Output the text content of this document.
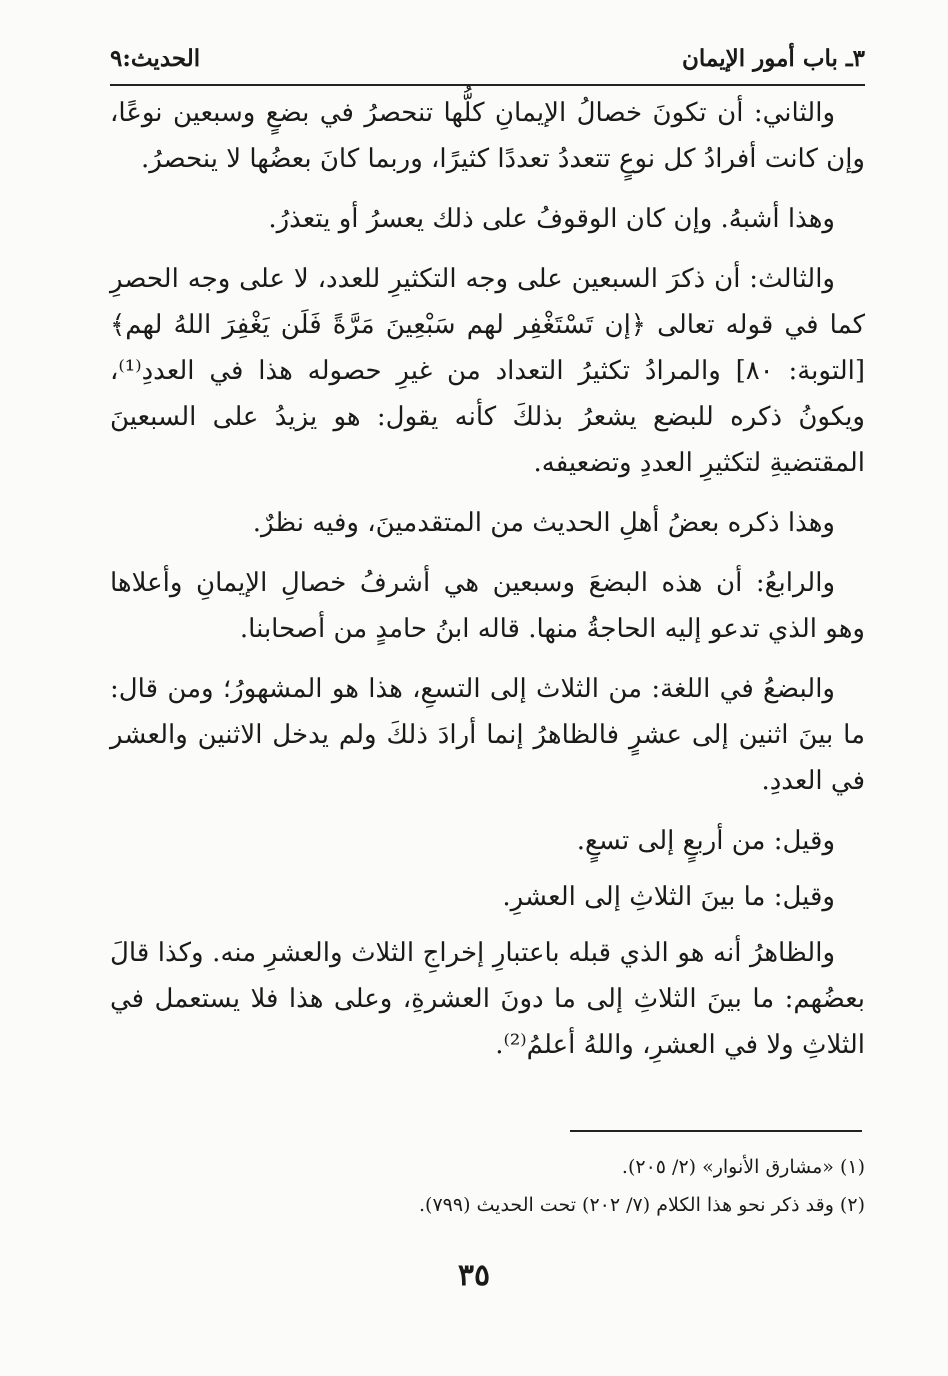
٣ـ باب أمور الإيمان
الحديث:٩

والثاني: أن تكونَ خصالُ الإيمانِ كلُّها تنحصرُ في بضعٍ وسبعين نوعًا، وإن كانت أفرادُ كل نوعٍ تتعددُ تعددًا كثيرًا، وربما كانَ بعضُها لا ينحصرُ.

وهذا أشبهُ. وإن كان الوقوفُ على ذلك يعسرُ أو يتعذرُ.

والثالث: أن ذكرَ السبعين على وجه التكثيرِ للعدد، لا على وجه الحصرِ كما في قوله تعالى ﴿إن تَسْتَغْفِر لهم سَبْعِينَ مَرَّةً فَلَن يَغْفِرَ اللهُ لهم﴾ [التوبة: ٨٠] والمرادُ تكثيرُ التعداد من غيرِ حصوله هذا في العددِ⁽¹⁾، ويكونُ ذكره للبضع يشعرُ بذلكَ كأنه يقول: هو يزيدُ على السبعينَ المقتضيةِ لتكثيرِ العددِ وتضعيفه.

وهذا ذكره بعضُ أهلِ الحديث من المتقدمينَ، وفيه نظرٌ.

والرابعُ: أن هذه البضعَ وسبعين هي أشرفُ خصالِ الإيمانِ وأعلاها وهو الذي تدعو إليه الحاجةُ منها. قاله ابنُ حامدٍ من أصحابنا.

والبضعُ في اللغة: من الثلاث إلى التسعِ، هذا هو المشهورُ؛ ومن قال: ما بينَ اثنين إلى عشرٍ فالظاهرُ إنما أرادَ ذلكَ ولم يدخل الاثنين والعشر في العددِ.

وقيل: من أربعٍ إلى تسعٍ.

وقيل: ما بينَ الثلاثِ إلى العشرِ.

والظاهرُ أنه هو الذي قبله باعتبارِ إخراجِ الثلاث والعشرِ منه. وكذا قالَ بعضُهم: ما بينَ الثلاثِ إلى ما دونَ العشرةِ، وعلى هذا فلا يستعمل في الثلاثِ ولا في العشرِ، واللهُ أعلمُ⁽²⁾.

(١) «مشارق الأنوار» (٢/ ٢٠٥).

(٢) وقد ذكر نحو هذا الكلام (٧/ ٢٠٢) تحت الحديث (٧٩٩).

٣٥
